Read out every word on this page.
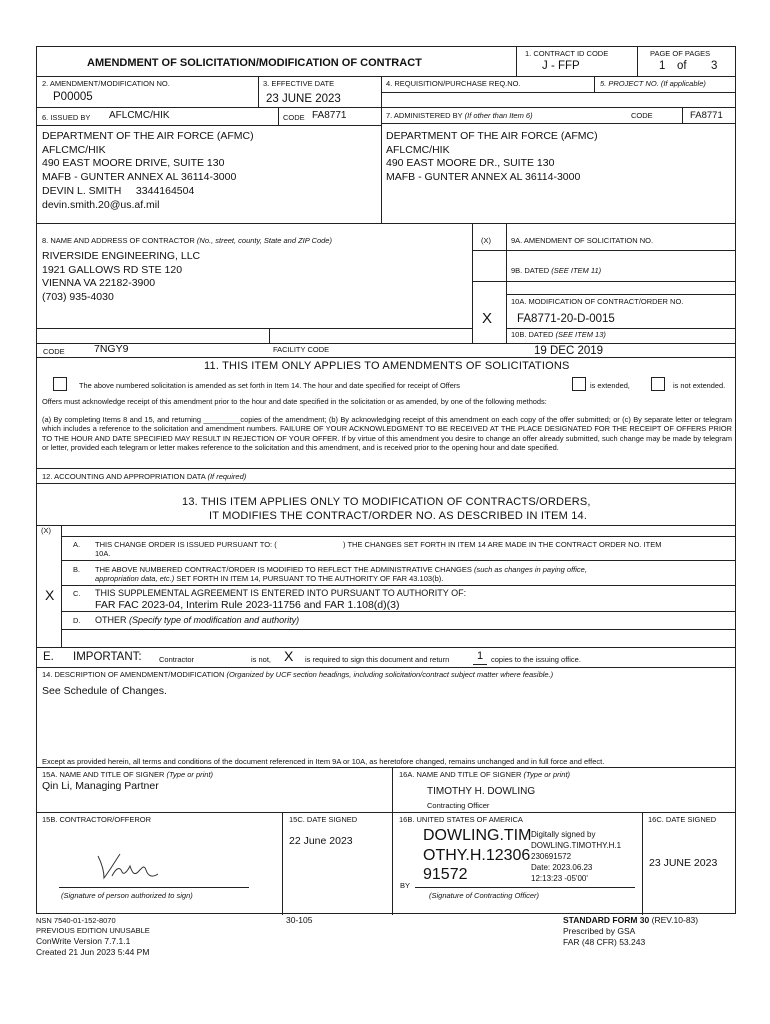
AMENDMENT OF SOLICITATION/MODIFICATION OF CONTRACT
1. CONTRACT ID CODE
J - FFP
PAGE OF PAGES
1 of 3
2. AMENDMENT/MODIFICATION NO.
P00005
3. EFFECTIVE DATE
23 JUNE 2023
4. REQUISITION/PURCHASE REQ.NO.	5. PROJECT NO. (If applicable)
6. ISSUED BY AFLCMC/HIK	CODE FA8771
DEPARTMENT OF THE AIR FORCE (AFMC)
AFLCMC/HIK
490 EAST MOORE DRIVE, SUITE 130
MAFB - GUNTER ANNEX AL 36114-3000
DEVIN L. SMITH     3344164504
devin.smith.20@us.af.mil
7. ADMINISTERED BY (If other than Item 6)	CODE	FA8771
DEPARTMENT OF THE AIR FORCE (AFMC)
AFLCMC/HIK
490 EAST MOORE DR., SUITE 130
MAFB - GUNTER ANNEX AL 36114-3000
8. NAME AND ADDRESS OF CONTRACTOR (No., street, county, State and ZIP Code)	(X)
RIVERSIDE ENGINEERING, LLC
1921 GALLOWS RD STE 120
VIENNA VA 22182-3900
(703) 935-4030
CODE	7NGY9	FACILITY CODE
9A. AMENDMENT OF SOLICITATION NO.
9B. DATED (SEE ITEM 11)
10A. MODIFICATION OF CONTRACT/ORDER NO.
X FA8771-20-D-0015
10B. DATED (SEE ITEM 13)
19 DEC 2019
11. THIS ITEM ONLY APPLIES TO AMENDMENTS OF SOLICITATIONS
The above numbered solicitation is amended as set forth in Item 14. The hour and date specified for receipt of Offers	is extended,	is not extended.
Offers must acknowledge receipt of this amendment prior to the hour and date specified in the solicitation or as amended, by one of the following methods:
(a) By completing Items 8 and 15, and returning _________copies of the amendment; (b) By acknowledging receipt of this amendment on each copy of the offer submitted; or (c) By separate letter or telegram which includes a reference to the solicitation and amendment numbers. FAILURE OF YOUR ACKNOWLEDGMENT TO BE RECEIVED AT THE PLACE DESIGNATED FOR THE RECEIPT OF OFFERS PRIOR TO THE HOUR AND DATE SPECIFIED MAY RESULT IN REJECTION OF YOUR OFFER. If by virtue of this amendment you desire to change an offer already submitted, such change may be made by telegram or letter, provided each telegram or letter makes reference to the solicitation and this amendment, and is received prior to the opening hour and date specified.
12. ACCOUNTING AND APPROPRIATION DATA (If required)
13. THIS ITEM APPLIES ONLY TO MODIFICATION OF CONTRACTS/ORDERS,
IT MODIFIES THE CONTRACT/ORDER NO. AS DESCRIBED IN ITEM 14.
(X)
A. THIS CHANGE ORDER IS ISSUED PURSUANT TO: (	) THE CHANGES SET FORTH IN ITEM 14 ARE MADE IN THE CONTRACT ORDER NO. ITEM
10A.
B. THE ABOVE NUMBERED CONTRACT/ORDER IS MODIFIED TO REFLECT THE ADMINISTRATIVE CHANGES (such as changes in paying office,
appropriation data, etc.) SET FORTH IN ITEM 14, PURSUANT TO THE AUTHORITY OF FAR 43.103(b).
X C. THIS SUPPLEMENTAL AGREEMENT IS ENTERED INTO PURSUANT TO AUTHORITY OF:
FAR FAC 2023-04, Interim Rule 2023-11756 and FAR 1.108(d)(3)
D. OTHER (Specify type of modification and authority)
E. IMPORTANT: Contractor	is not, X is required to sign this document and return	1 copies to the issuing office.
14. DESCRIPTION OF AMENDMENT/MODIFICATION (Organized by UCF section headings, including solicitation/contract subject matter where feasible.)
See Schedule of Changes.
Except as provided herein, all terms and conditions of the document referenced in Item 9A or 10A, as heretofore changed, remains unchanged and in full force and effect.
15A. NAME AND TITLE OF SIGNER (Type or print)
Qin Li, Managing Partner
15B. CONTRACTOR/OFFEROR
(Signature of person authorized to sign)
15C. DATE SIGNED
22 June 2023
16A. NAME AND TITLE OF SIGNER (Type or print)
TIMOTHY H. DOWLING
Contracting Officer
16B. UNITED STATES OF AMERICA
DOWLING.TIM
OTHY.H.12306
91572
Digitally signed by
DOWLING.TIMOTHY.H.1
230691572
Date: 2023.06.23
12:13:23 -05'00'
BY
(Signature of Contracting Officer)
16C. DATE SIGNED
23 JUNE 2023
NSN 7540-01-152-8070
PREVIOUS EDITION UNUSABLE
ConWrite Version 7.7.1.1
Created 21 Jun 2023 5:44 PM
30-105	STANDARD FORM 30 (REV.10-83)
Prescribed by GSA
FAR (48 CFR) 53.243
